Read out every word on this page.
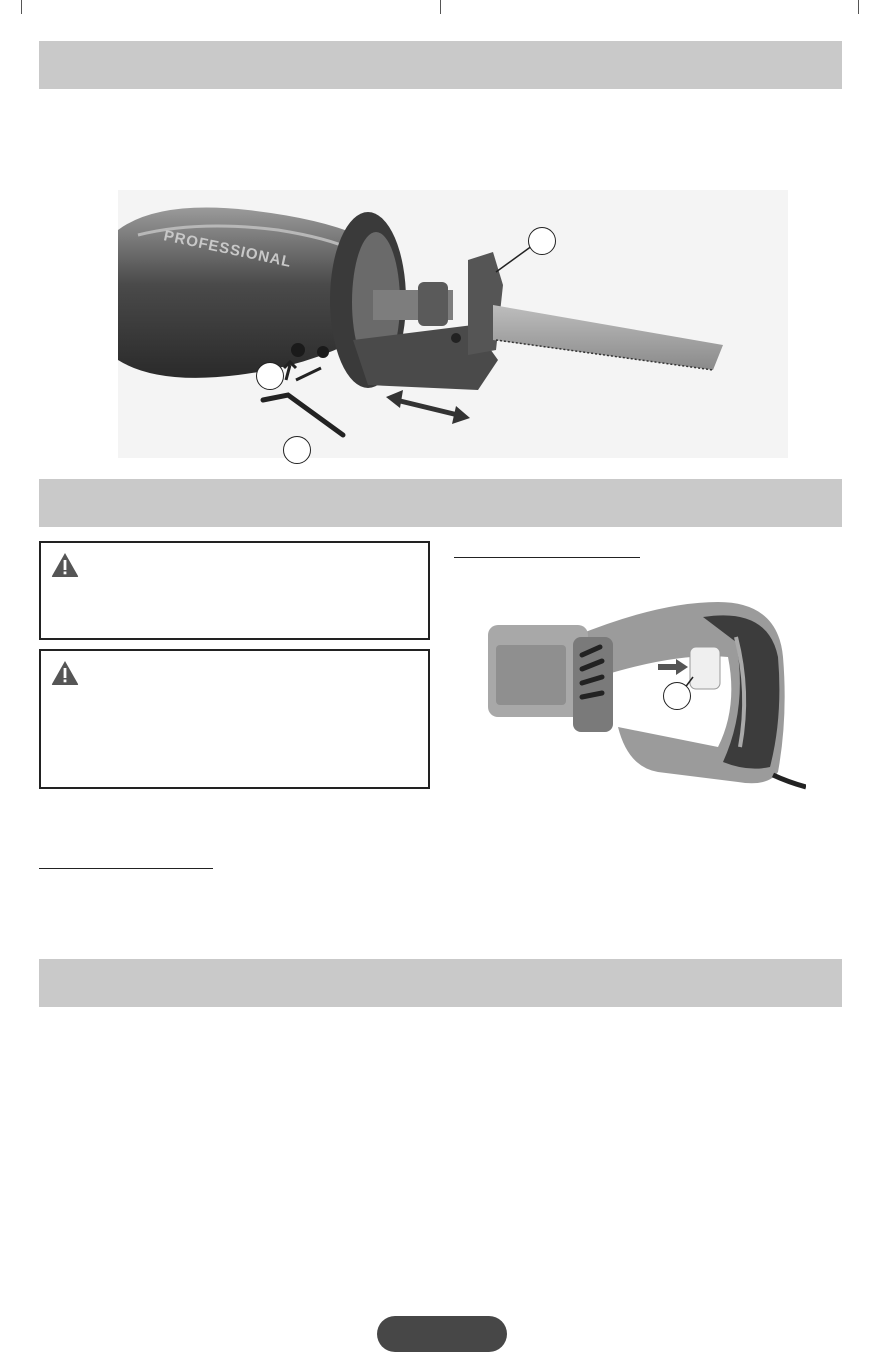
PROFESSIONAL
